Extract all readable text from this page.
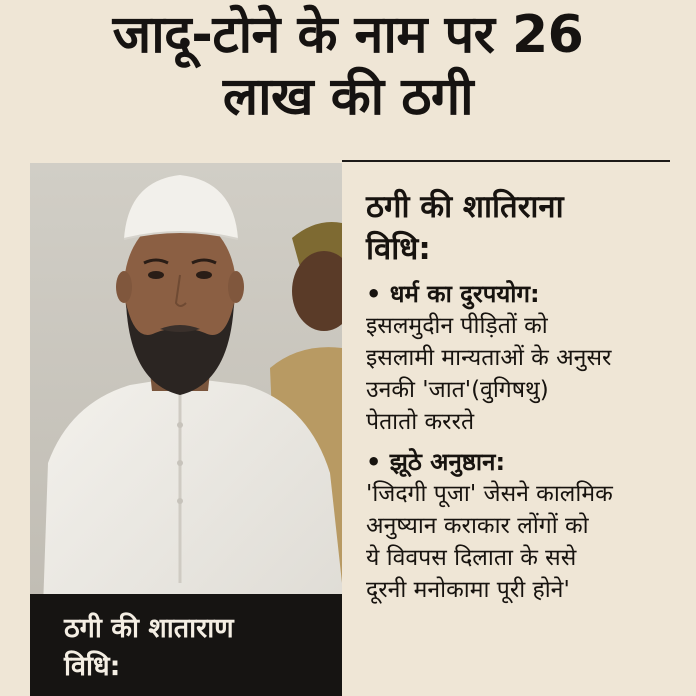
जादू-टोने के नाम पर 26
लाख की ठगी
ठगी की शाताराण
विधि:
ठगी की शातिराना
विधि:
• धर्म का दुरपयोग:
इसलमुदीन पीड़ितों को
इसलामी मान्यताओं के अनुसर
उनकी 'जात'(वुगिषथु)
पेताताे कररते
• झूठे अनुष्ठान:
'जिदगी पूजा' जेसने कालमिक
अनुष्यान कराकार लोंगों को
ये विवपस दिलाता के ससे
दूरनी मनोकामा पूरी होने'
